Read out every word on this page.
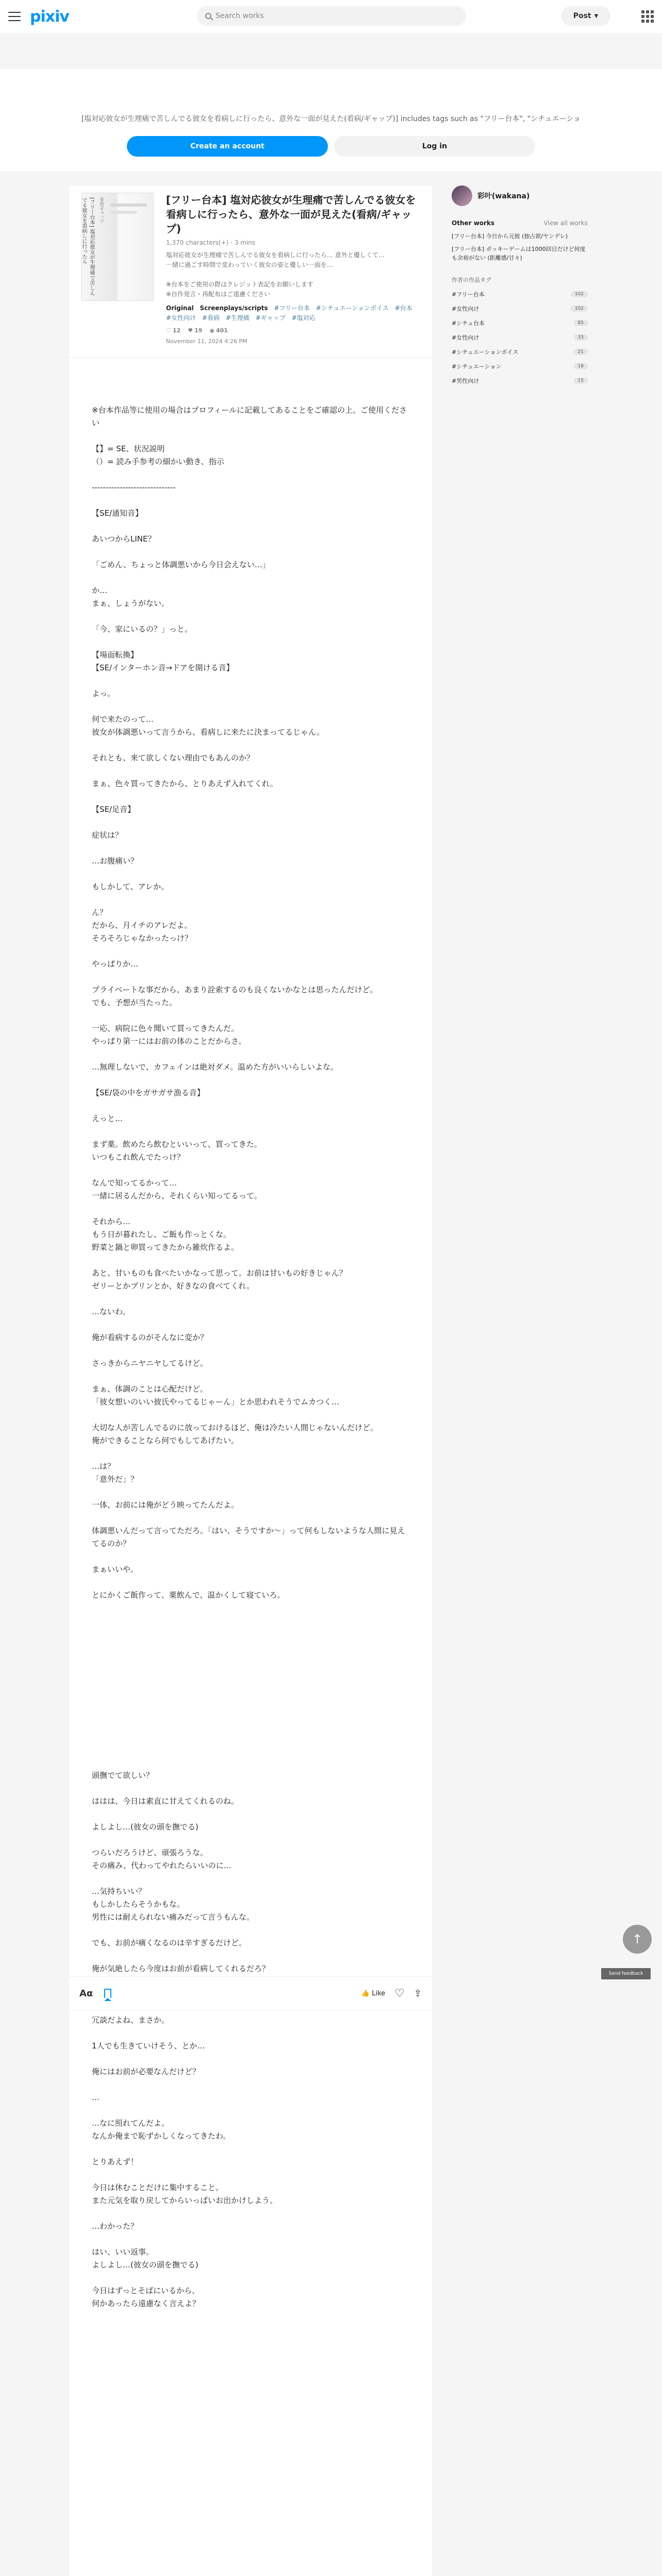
pixiv	Search works	Post ▼
[塩対応彼女が生理痛で苦しんでる彼女を看病しに行ったら、意外な一面が見えた(看病/ギャップ)] includes tags such as "フリー台本", "シチュエーショ
Create an account	Log in
[フリー台本] 塩対応彼女が生理痛で苦しんでる彼女を看病しに行ったら	看病/ギャップ	[フリー台本] 塩対応彼女が生理痛で苦しんでる彼女を看病しに行ったら、意外な一面が見えた(看病/ギャップ)
1,370 characters(+) · 3 mins
塩対応彼女が生理痛で苦しんでる彼女を看病しに行ったら… 意外と優しくて…
一緒に過ごす時間で変わっていく彼女の姿と優しい一面を…

※台本をご使用の際はクレジット表記をお願いします
※自作発言・再配布はご遠慮ください
Original Screenplays/scripts #フリー台本 #シチュエーションボイス #台本 #女性向け #看病 #生理痛 #ギャップ #塩対応
♡ 12 ♥ 19 ◉ 401
November 11, 2024 4:26 PM

※台本作品等に使用の場合はプロフィールに記載してあることをご確認の上、ご使用ください

【】= SE、状況説明

（）= 読み手参考の細かい動き、指示

------------------------------

【SE/通知音】

あいつからLINE？

「ごめん、ちょっと体調悪いから今日会えない…」

か…

まぁ、しょうがない。

「今、家にいるの？」っと。

【場面転換】

【SE/インターホン音→ドアを開ける音】

よっ。

何で来たのって…

彼女が体調悪いって言うから、看病しに来たに決まってるじゃん。

それとも、来て欲しくない理由でもあんのか？

まぁ、色々買ってきたから、とりあえず入れてくれ。

【SE/足音】

症状は？

…お腹痛い？

もしかして、アレか。

ん？

だから、月イチのアレだよ。

そろそろじゃなかったっけ？

やっぱりか…

プライベートな事だから、あまり詮索するのも良くないかなとは思ったんだけど。

でも、予想が当たった。

一応、病院に色々聞いて買ってきたんだ。

やっぱり第一にはお前の体のことだからさ。

…無理しないで、カフェインは絶対ダメ。温めた方がいいらしいよな。

【SE/袋の中をガサガサ漁る音】

えっと…

まず薬。飲めたら飲むといいって、買ってきた。

いつもこれ飲んでたっけ？

なんで知ってるかって…

一緒に居るんだから、それくらい知ってるって。

それから…

もう日が暮れたし、ご飯も作っとくな。

野菜と鍋と卵買ってきたから雑炊作るよ。

あと、甘いものも食べたいかなって思って。お前は甘いもの好きじゃん？

ゼリーとかプリンとか、好きなの食べてくれ。

…ないわ。

俺が看病するのがそんなに変か？

さっきからニヤニヤしてるけど。

まぁ、体調のことは心配だけど。

「彼女想いのいい彼氏やってるじゃーん」とか思われそうでムカつく…

大切な人が苦しんでるのに放っておけるほど、俺は冷たい人間じゃないんだけど。

俺ができることなら何でもしてあげたい。

…は？

「意外だ」？

一体、お前には俺がどう映ってたんだよ。

体調悪いんだって言ってただろ。「はい、そうですか〜」って何もしないような人間に見えてるのか？

まぁいいや。

とにかくご飯作って、薬飲んで、温かくして寝ていろ。

頭撫でて欲しい？

ははは、今日は素直に甘えてくれるのね。

よしよし…(彼女の頭を撫でる)

つらいだろうけど、頑張ろうな。

その痛み、代わってやれたらいいのに…

…気持ちいい？

もしかしたらそうかもな。

男性には耐えられない痛みだって言うもんな。

でも、お前が痛くなるのは辛すぎるだけど。

俺が気絶したら今度はお前が看病してくれるだろ？

冗談だよね、まさか。

1人でも生きていけそう、とか…

俺にはお前が必要なんだけど？

…

…なに照れてんだよ。

なんか俺まで恥ずかしくなってきたわ。

とりあえず！

今日は休むことだけに集中すること。

また元気を取り戻してからいっぱいお出かけしよう。

…わかった？

はい、いい返事。

よしよし…(彼女の頭を撫でる)

今日はずっとそばにいるから、

何かあったら遠慮なく言えよ？

彩叶(wakana)
Other works	View all works
[フリー台本] 今日から元彼 (独占欲/ヤンデレ)
[フリー台本] ポッキーゲームは1000回目だけど何度も余裕がない (距離感/甘々)
作者の作品タグ
#フリー台本	102
#女性向け	102
#シチュ台本	85
#女性向け	33
#シチュエーションボイス	21
#シチュエーション	18
#男性向け	15
↑
Send feedback
Aα	👍 Like ♡ ⇪
